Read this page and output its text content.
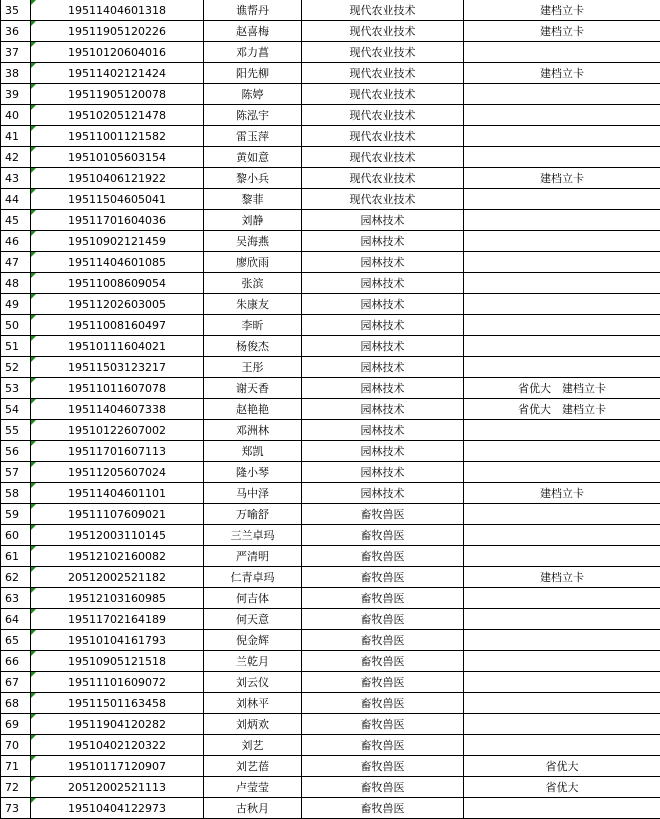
35	19511404601318	谯帮丹	现代农业技术	建档立卡
36	19511905120226	赵喜梅	现代农业技术	建档立卡
37	19510120604016	邓力菖	现代农业技术	
38	19511402121424	阳先柳	现代农业技术	建档立卡
39	19511905120078	陈婷	现代农业技术	
40	19510205121478	陈泓宇	现代农业技术	
41	19511001121582	雷玉萍	现代农业技术	
42	19510105603154	黄如意	现代农业技术	
43	19510406121922	黎小兵	现代农业技术	建档立卡
44	19511504605041	黎菲	现代农业技术	
45	19511701604036	刘静	园林技术	
46	19510902121459	吴海燕	园林技术	
47	19511404601085	廖欣雨	园林技术	
48	19511008609054	张滨	园林技术	
49	19511202603005	朱康友	园林技术	
50	19511008160497	李昕	园林技术	
51	19510111604021	杨俊杰	园林技术	
52	19511503123217	王彤	园林技术	
53	19511011607078	谢天香	园林技术	省优大　建档立卡
54	19511404607338	赵艳艳	园林技术	省优大　建档立卡
55	19510122607002	邓洲林	园林技术	
56	19511701607113	郑凯	园林技术	
57	19511205607024	隆小琴	园林技术	
58	19511404601101	马中泽	园林技术	建档立卡
59	19511107609021	万喻舒	畜牧兽医	
60	19512003110145	三兰卓玛	畜牧兽医	
61	19512102160082	严清明	畜牧兽医	
62	20512002521182	仁青卓玛	畜牧兽医	建档立卡
63	19512103160985	何吉体	畜牧兽医	
64	19511702164189	何天意	畜牧兽医	
65	19510104161793	倪金辉	畜牧兽医	
66	19510905121518	兰乾月	畜牧兽医	
67	19511101609072	刘云仪	畜牧兽医	
68	19511501163458	刘林平	畜牧兽医	
69	19511904120282	刘炳欢	畜牧兽医	
70	19510402120322	刘艺	畜牧兽医	
71	19510117120907	刘艺蓓	畜牧兽医	省优大
72	20512002521113	卢莹莹	畜牧兽医	省优大
73	19510404122973	古秋月	畜牧兽医	
